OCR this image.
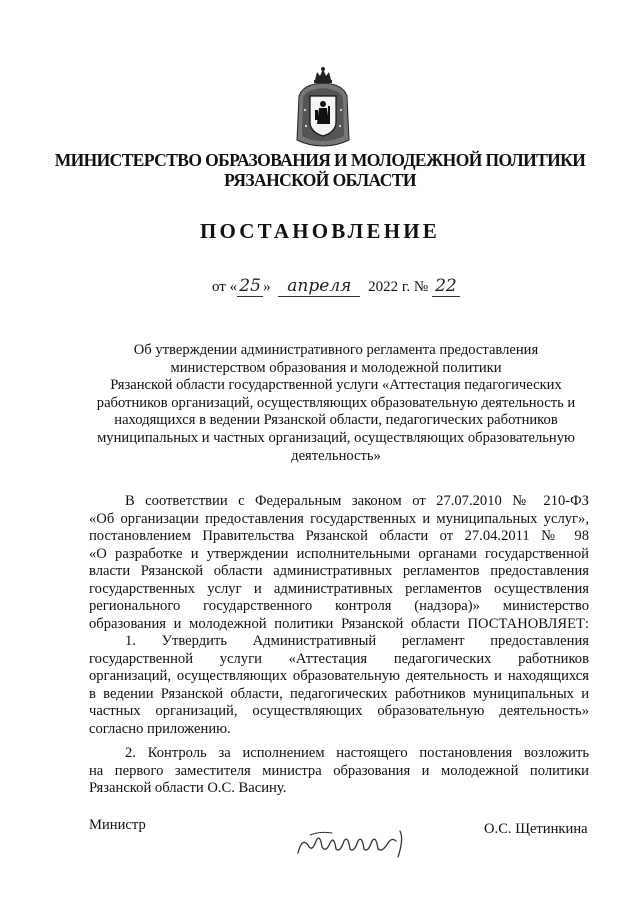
МИНИСТЕРСТВО ОБРАЗОВАНИЯ И МОЛОДЕЖНОЙ ПОЛИТИКИ
РЯЗАНСКОЙ ОБЛАСТИ
ПОСТАНОВЛЕНИЕ
от « 25 » апреля 2022 г. № 22
Об утверждении административного регламента предоставления
министерством образования и молодежной политики
Рязанской области государственной услуги «Аттестация педагогических
работников организаций, осуществляющих образовательную деятельность и
находящихся в ведении Рязанской области, педагогических работников
муниципальных и частных организаций, осуществляющих образовательную
деятельность»
В соответствии с Федеральным законом от 27.07.2010 № 210-ФЗ
«Об организации предоставления государственных и муниципальных услуг»,
постановлением Правительства Рязанской области от 27.04.2011 № 98
«О разработке и утверждении исполнительными органами государственной
власти Рязанской области административных регламентов предоставления
государственных услуг и административных регламентов осуществления
регионального государственного контроля (надзора)» министерство
образования и молодежной политики Рязанской области ПОСТАНОВЛЯЕТ:
1. Утвердить Административный регламент предоставления
государственной услуги «Аттестация педагогических работников
организаций, осуществляющих образовательную деятельность и находящихся
в ведении Рязанской области, педагогических работников муниципальных и
частных организаций, осуществляющих образовательную деятельность»
согласно приложению.
2. Контроль за исполнением настоящего постановления возложить
на первого заместителя министра образования и молодежной политики
Рязанской области О.С. Васину.
Министр	О.С. Щетинкина
